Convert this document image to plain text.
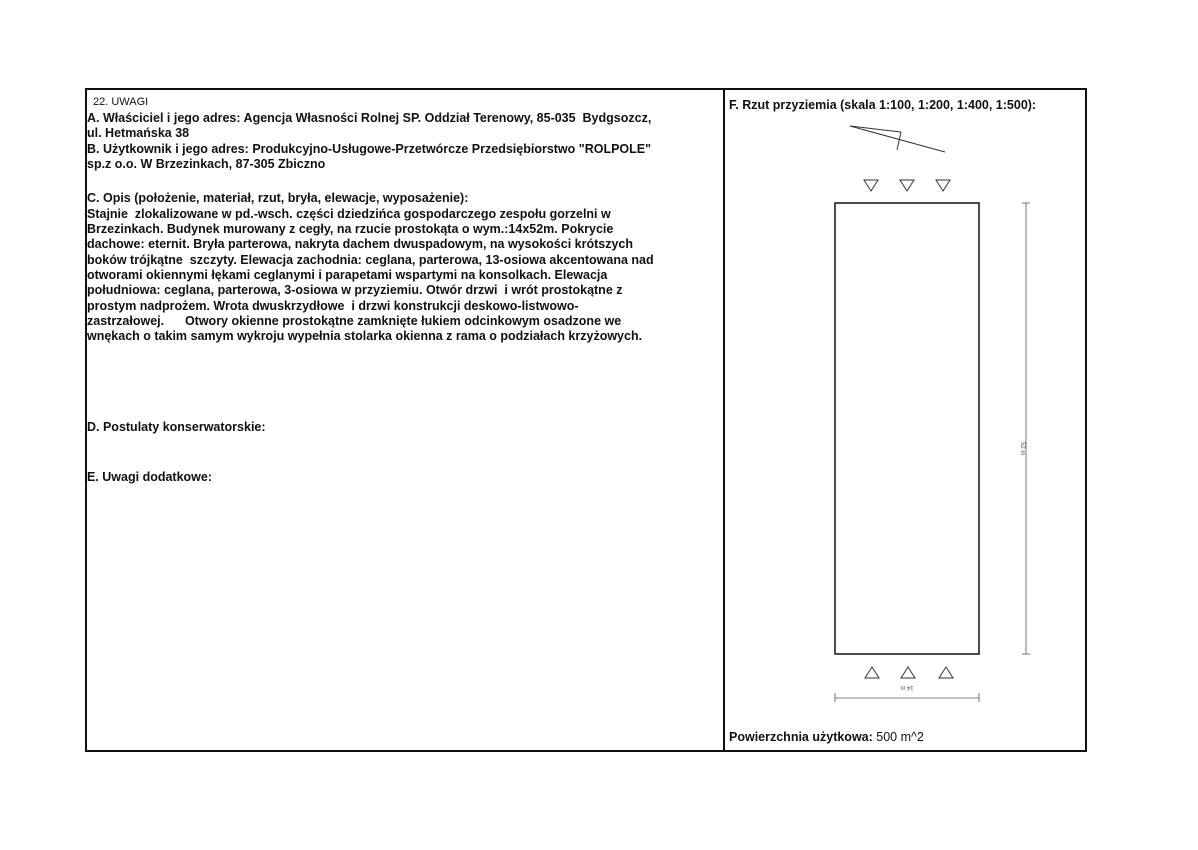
22. UWAGI
A. Właściciel i jego adres: Agencja Własności Rolnej SP. Oddział Terenowy, 85-035  Bydgsozcz,
ul. Hetmańska 38
B. Użytkownik i jego adres: Produkcyjno-Usługowe-Przetwórcze Przedsiębiorstwo "ROLPOLE"
sp.z o.o. W Brzezinkach, 87-305 Zbiczno
C. Opis (położenie, materiał, rzut, bryła, elewacje, wyposażenie):
Stajnie  zlokalizowane w pd.-wsch. części dziedzińca gospodarczego zespołu gorzelni w
Brzezinkach. Budynek murowany z cegły, na rzucie prostokąta o wym.:14x52m. Pokrycie
dachowe: eternit. Bryła parterowa, nakryta dachem dwuspadowym, na wysokości krótszych
boków trójkątne  szczyty. Elewacja zachodnia: ceglana, parterowa, 13-osiowa akcentowana nad
otworami okiennymi łękami ceglanymi i parapetami wspartymi na konsolkach. Elewacja
południowa: ceglana, parterowa, 3-osiowa w przyziemiu. Otwór drzwi  i wrót prostokątne z
prostym nadprożem. Wrota dwuskrzydłowe  i drzwi konstrukcji deskowo-listwowo-
zastrzałowej.      Otwory okienne prostokątne zamknięte łukiem odcinkowym osadzone we
wnękach o takim samym wykroju wypełnia stolarka okienna z rama o podziałach krzyżowych.
D. Postulaty konserwatorskie:
E. Uwagi dodatkowe:
F. Rzut przyziemia (skala 1:100, 1:200, 1:400, 1:500):
52 m
14 m
Powierzchnia użytkowa: 500 m^2
